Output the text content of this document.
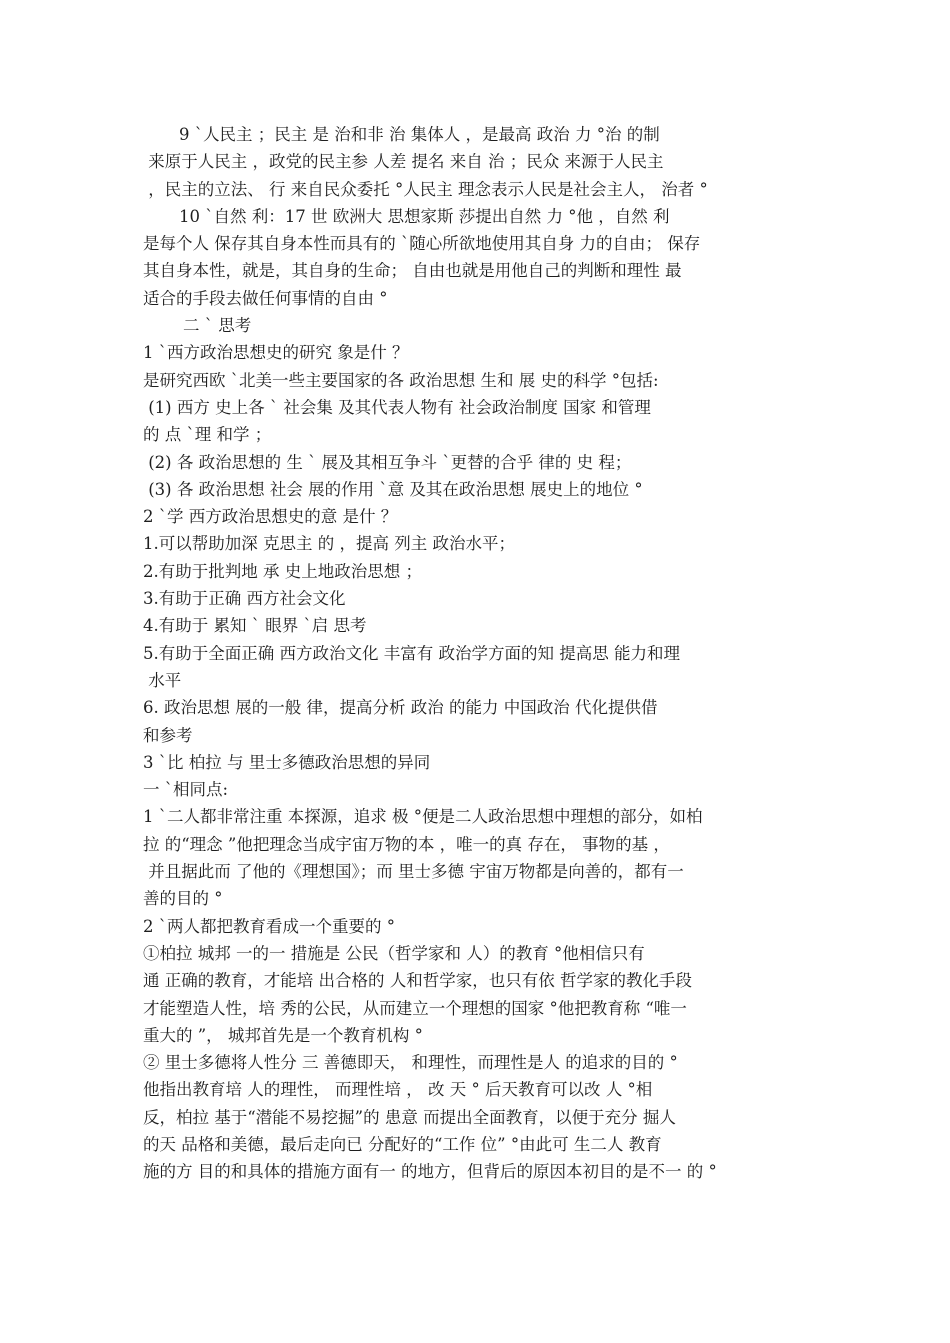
9 `人民主 ；民主 是 治和非 治 集体人 ，是最高 政治 力 °治 的制
来原于人民主 ，政党的民主参 人差 提名 来自 治 ；民众 来源于人民主
，民主的立法、 行 来自民众委托 °人民主 理念表示人民是社会主人， 治者 °
10 `自然 利：17 世 欧洲大 思想家斯 莎提出自然 力 °他 ，自然 利
是每个人 保存其自身本性而具有的 `随心所欲地使用其自身 力的自由； 保存
其自身本性，就是，其自身的生命； 自由也就是用他自己的判断和理性 最
适合的手段去做任何事情的自由 °
二 ` 思考
1 `西方政治思想史的研究 象是什 ？
是研究西欧 `北美一些主要国家的各 政治思想 生和 展 史的科学 °包括:
(1) 西方 史上各 ` 社会集 及其代表人物有 社会政治制度 国家 和管理
的 点 `理 和学 ；
(2) 各 政治思想的 生 ` 展及其相互争斗 `更替的合乎 律的 史 程；
(3) 各 政治思想 社会 展的作用 `意 及其在政治思想 展史上的地位 °
2 `学 西方政治思想史的意 是什 ？
1.可以帮助加深 克思主 的 ，提高 列主 政治水平；
2.有助于批判地 承 史上地政治思想 ；
3.有助于正确 西方社会文化
4.有助于 累知 ` 眼界 `启 思考
5.有助于全面正确 西方政治文化 丰富有 政治学方面的知 提高思 能力和理
水平
6. 政治思想 展的一般 律，提高分析 政治 的能力 中国政治 代化提供借
和参考
3 `比 柏拉 与 里士多德政治思想的异同
一 `相同点:
1 `二人都非常注重 本探源，追求 极 °便是二人政治思想中理想的部分，如柏
拉 的“理念 ”他把理念当成宇宙万物的本 ，唯一的真 存在， 事物的基 ，
并且据此而 了他的《理想国》；而 里士多德 宇宙万物都是向善的，都有一
善的目的 °
2 `两人都把教育看成一个重要的 °
①柏拉 城邦 一的一 措施是 公民（哲学家和 人）的教育 °他相信只有
通 正确的教育，才能培 出合格的 人和哲学家，也只有依 哲学家的教化手段
才能塑造人性，培 秀的公民，从而建立一个理想的国家 °他把教育称 “唯一
重大的 ”， 城邦首先是一个教育机构 °
② 里士多德将人性分 三 善德即天， 和理性，而理性是人 的追求的目的 °
他指出教育培 人的理性， 而理性培 ， 改 天 ° 后天教育可以改 人 °相
反，柏拉 基于“潜能不易挖掘”的 患意 而提出全面教育，以便于充分 掘人
的天 品格和美德，最后走向已 分配好的“工作 位” °由此可 生二人 教育
施的方 目的和具体的措施方面有一 的地方，但背后的原因本初目的是不一 的 °
